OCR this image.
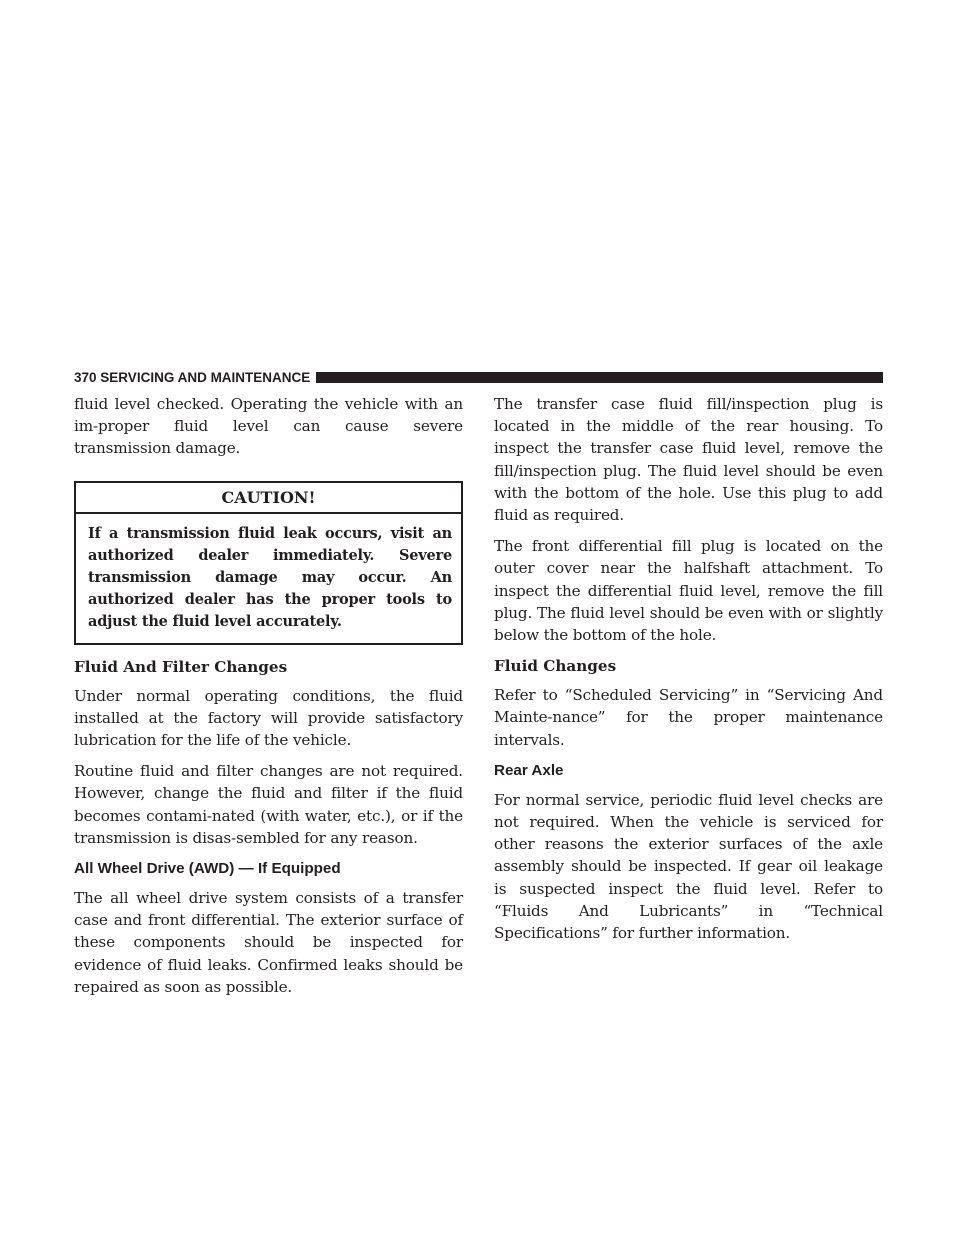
370 SERVICING AND MAINTENANCE

fluid level checked. Operating the vehicle with an im-proper fluid level can cause severe transmission damage.

CAUTION!
If a transmission fluid leak occurs, visit an authorized dealer immediately. Severe transmission damage may occur. An authorized dealer has the proper tools to adjust the fluid level accurately.
Fluid And Filter Changes

Under normal operating conditions, the fluid installed at the factory will provide satisfactory lubrication for the life of the vehicle.

Routine fluid and filter changes are not required. However, change the fluid and filter if the fluid becomes contami-nated (with water, etc.), or if the transmission is disas-sembled for any reason.

All Wheel Drive (AWD) — If Equipped

The all wheel drive system consists of a transfer case and front differential. The exterior surface of these components should be inspected for evidence of fluid leaks. Confirmed leaks should be repaired as soon as possible.

The transfer case fluid fill/inspection plug is located in the middle of the rear housing. To inspect the transfer case fluid level, remove the fill/inspection plug. The fluid level should be even with the bottom of the hole. Use this plug to add fluid as required.

The front differential fill plug is located on the outer cover near the halfshaft attachment. To inspect the differential fluid level, remove the fill plug. The fluid level should be even with or slightly below the bottom of the hole.

Fluid Changes

Refer to “Scheduled Servicing” in “Servicing And Mainte-nance” for the proper maintenance intervals.

Rear Axle

For normal service, periodic fluid level checks are not required. When the vehicle is serviced for other reasons the exterior surfaces of the axle assembly should be inspected. If gear oil leakage is suspected inspect the fluid level. Refer to “Fluids And Lubricants” in “Technical Specifications” for further information.
